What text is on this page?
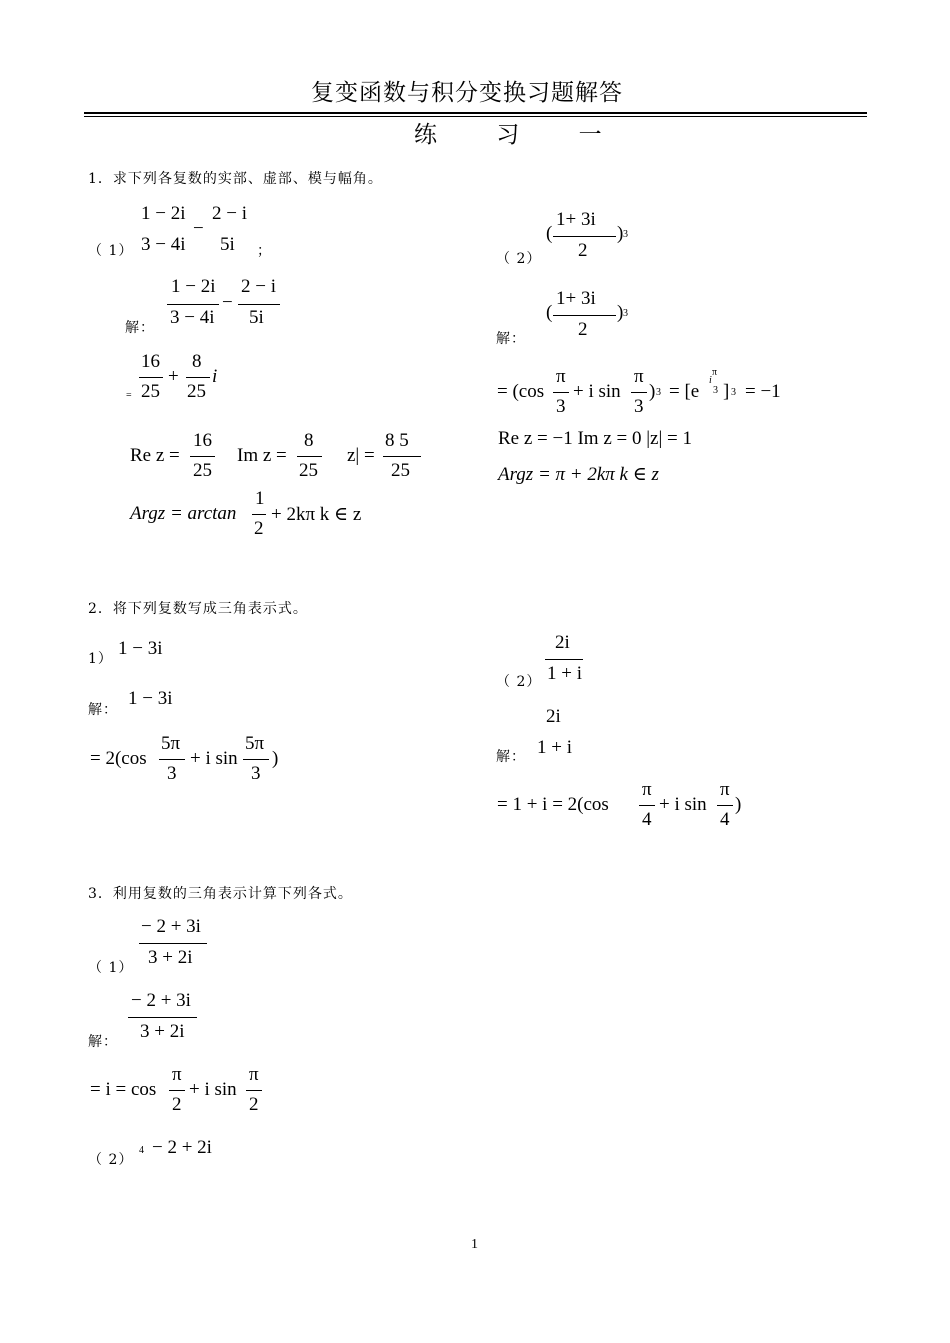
复变函数与积分变换习题解答
练 习 一
1．求下列各复数的实部、虚部、模与幅角。
（ 1）
1 − 2i
3 − 4i
−
2 − i
5i ；
解：
1 − 2i
3 − 4i
−
2 − i
5i
=
16
25
+
8
25
i
Re z =
16
25
Im z =
8
25
z| =
8 5
25
Argz = arctan
1
2
+ 2kπ k ∈ z
（ 2）
(
1+ 3i
2
) 3
解：
(
1+ 3i
2
) 3
= (cos
π
3
+ i sin
π
3
) 3 = [e
i
π
3 ] 3 = −1
Re z = −1 Im z = 0 |z| = 1
Argz = π + 2kπ k ∈ z
2．将下列复数写成三角表示式。
1） 1 − 3i
解：
1 − 3i
= 2(cos
5π
3
+ i sin
5π
3
)
（ 2）
2i
1 + i
2i
解： 1 + i
= 1 + i = 2(cos
π
4
+ i sin
π
4
)
3．利用复数的三角表示计算下列各式。
（ 1）
− 2 + 3i
3 + 2i
解：
− 2 + 3i
3 + 2i
= i = cos
π
2
+ i sin
π
2
（ 2）
4 − 2 + 2i
1
